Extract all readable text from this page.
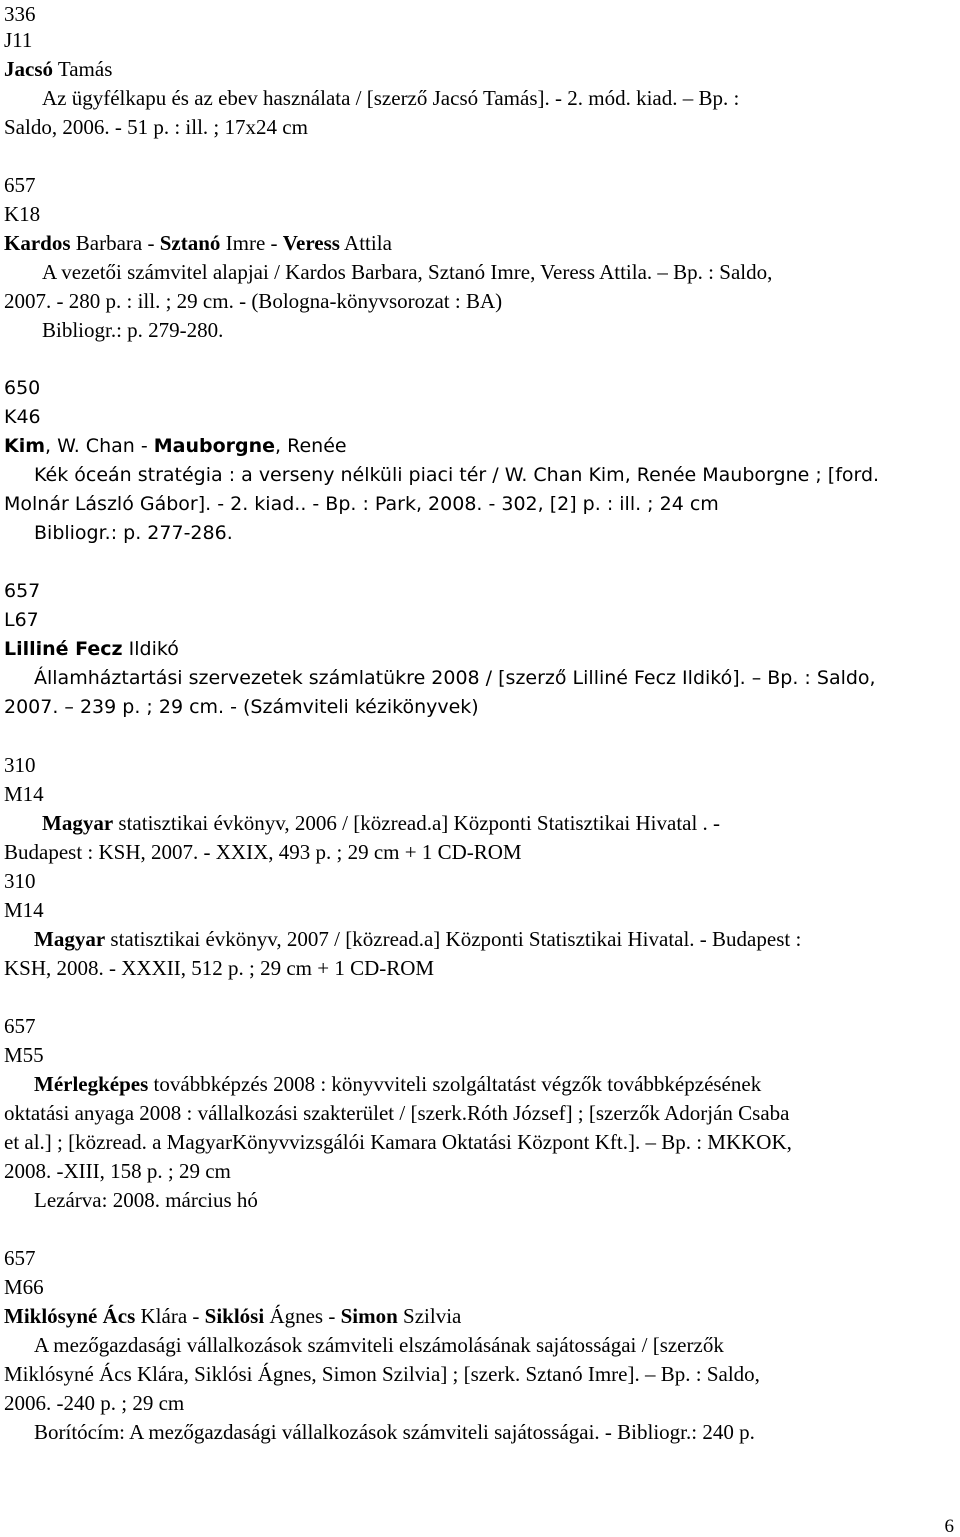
336
J11
Jacsó Tamás
Az ügyfélkapu és az ebev használata / [szerző Jacsó Tamás]. - 2. mód. kiad. – Bp. :
Saldo, 2006. - 51 p. : ill. ; 17x24 cm
657
K18
Kardos Barbara - Sztanó Imre - Veress Attila
A vezetői számvitel alapjai / Kardos Barbara, Sztanó Imre, Veress Attila. – Bp. : Saldo,
2007. - 280 p. : ill. ; 29 cm. - (Bologna-könyvsorozat : BA)
Bibliogr.: p. 279-280.
650
K46
Kim, W. Chan - Mauborgne, Renée
Kék óceán stratégia : a verseny nélküli piaci tér / W. Chan Kim, Renée Mauborgne ; [ford.
Molnár László Gábor]. - 2. kiad.. - Bp. : Park, 2008. - 302, [2] p. : ill. ; 24 cm
Bibliogr.: p. 277-286.
657
L67
Lilliné Fecz Ildikó
Államháztartási szervezetek számlatükre 2008 / [szerző Lilliné Fecz Ildikó]. – Bp. : Saldo,
2007. – 239 p. ; 29 cm. - (Számviteli kézikönyvek)
310
M14
Magyar statisztikai évkönyv, 2006 / [közread.a] Központi Statisztikai Hivatal . -
Budapest : KSH, 2007. - XXIX, 493 p. ; 29 cm + 1 CD-ROM
310
M14
Magyar statisztikai évkönyv, 2007 / [közread.a] Központi Statisztikai Hivatal. - Budapest :
KSH, 2008. - XXXII, 512 p. ; 29 cm + 1 CD-ROM
657
M55
Mérlegképes továbbképzés 2008 : könyvviteli szolgáltatást végzők továbbképzésének
oktatási anyaga 2008 : vállalkozási szakterület / [szerk.Róth József] ; [szerzők Adorján Csaba
et al.] ; [közread. a MagyarKönyvvizsgálói Kamara Oktatási Központ Kft.]. – Bp. : MKKOK,
2008. -XIII, 158 p. ; 29 cm
Lezárva: 2008. március hó
657
M66
Miklósyné Ács Klára - Siklósi Ágnes - Simon Szilvia
A mezőgazdasági vállalkozások számviteli elszámolásának sajátosságai / [szerzők
Miklósyné Ács Klára, Siklósi Ágnes, Simon Szilvia] ; [szerk. Sztanó Imre]. – Bp. : Saldo,
2006. -240 p. ; 29 cm
Borítócím: A mezőgazdasági vállalkozások számviteli sajátosságai. - Bibliogr.: 240 p.
6
